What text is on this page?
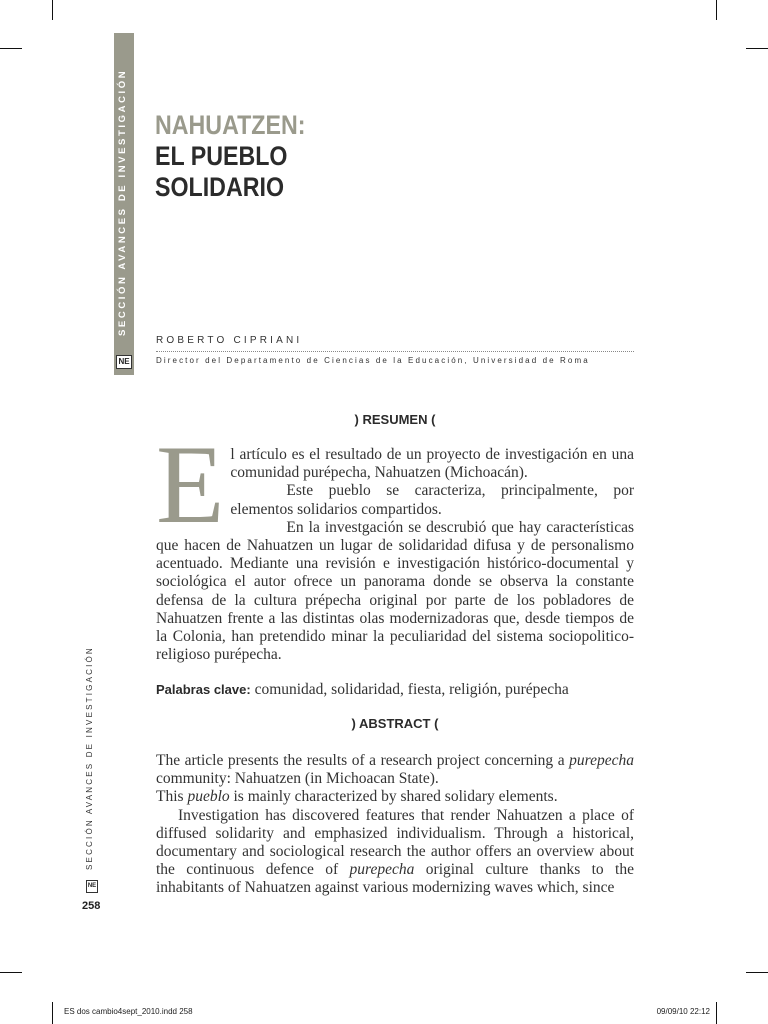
SECCIÓN AVANCES DE INVESTIGACIÓN
NE
NAHUATZEN:
EL PUEBLO
SOLIDARIO
ROBERTO CIPRIANI
Director del Departamento de Ciencias de la Educación, Universidad de Roma
) RESUMEN (
E l artículo es el resultado de un proyecto de investigación en una comunidad purépecha, Nahuatzen (Michoacán).

Este pueblo se caracteriza, principalmente, por elementos solidarios compartidos.

En la investgación se descrubió que hay características que hacen de Nahuatzen un lugar de solidaridad difusa y de personalismo acentuado. Mediante una revisión e investigación histórico-documental y sociológica el autor ofrece un panorama donde se observa la constante defensa de la cultura prépecha original por parte de los pobladores de Nahuatzen frente a las distintas olas modernizadoras que, desde tiempos de la Colonia, han pretendido minar la peculiaridad del sistema sociopolitico-religioso purépecha.

Palabras clave: comunidad, solidaridad, fiesta, religión, purépecha
) ABSTRACT (

The article presents the results of a research project concerning a purepecha community: Nahuatzen (in Michoacan State).

This pueblo is mainly characterized by shared solidary elements.

Investigation has discovered features that render Nahuatzen a place of diffused solidarity and emphasized individualism. Through a historical, documentary and sociological research the author offers an overview about the continuous defence of purepecha original culture thanks to the inhabitants of Nahuatzen against various modernizing waves which, since

SECCIÓN AVANCES DE INVESTIGACIÓN
NE
258
ES dos cambio4sept_2010.indd 258	09/09/10 22:12
